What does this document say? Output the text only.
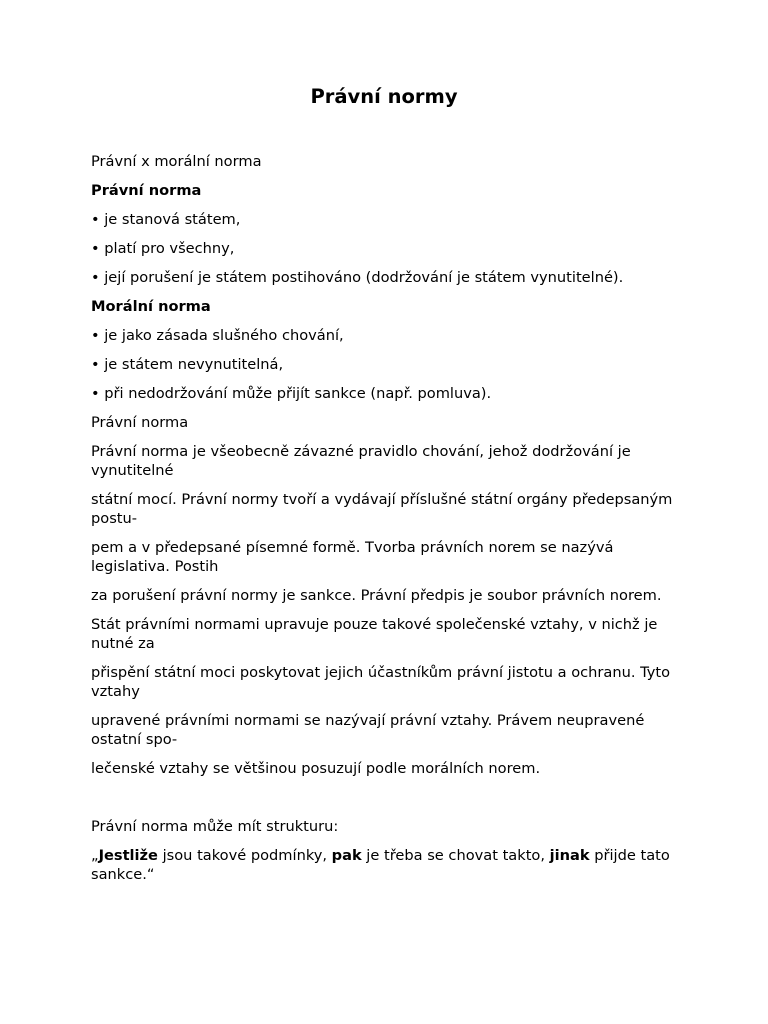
Právní normy
Právní x morální norma
Právní norma
• je stanová státem,
• platí pro všechny,
• její porušení je státem postihováno (dodržování je státem vynutitelné).
Morální norma
• je jako zásada slušného chování,
• je státem nevynutitelná,
• při nedodržování může přijít sankce (např. pomluva).
Právní norma
Právní norma je všeobecně závazné pravidlo chování, jehož dodržování je vynutitelné
státní mocí. Právní normy tvoří a vydávají příslušné státní orgány předepsaným postu-
pem a v předepsané písemné formě. Tvorba právních norem se nazývá legislativa. Postih
za porušení právní normy je sankce. Právní předpis je soubor právních norem.
Stát právními normami upravuje pouze takové společenské vztahy, v nichž je nutné za
přispění státní moci poskytovat jejich účastníkům právní jistotu a ochranu. Tyto vztahy
upravené právními normami se nazývají právní vztahy. Právem neupravené ostatní spo-
lečenské vztahy se většinou posuzují podle morálních norem.
Právní norma může mít strukturu:
„Jestliže jsou takové podmínky, pak je třeba se chovat takto, jinak přijde tato sankce.“
